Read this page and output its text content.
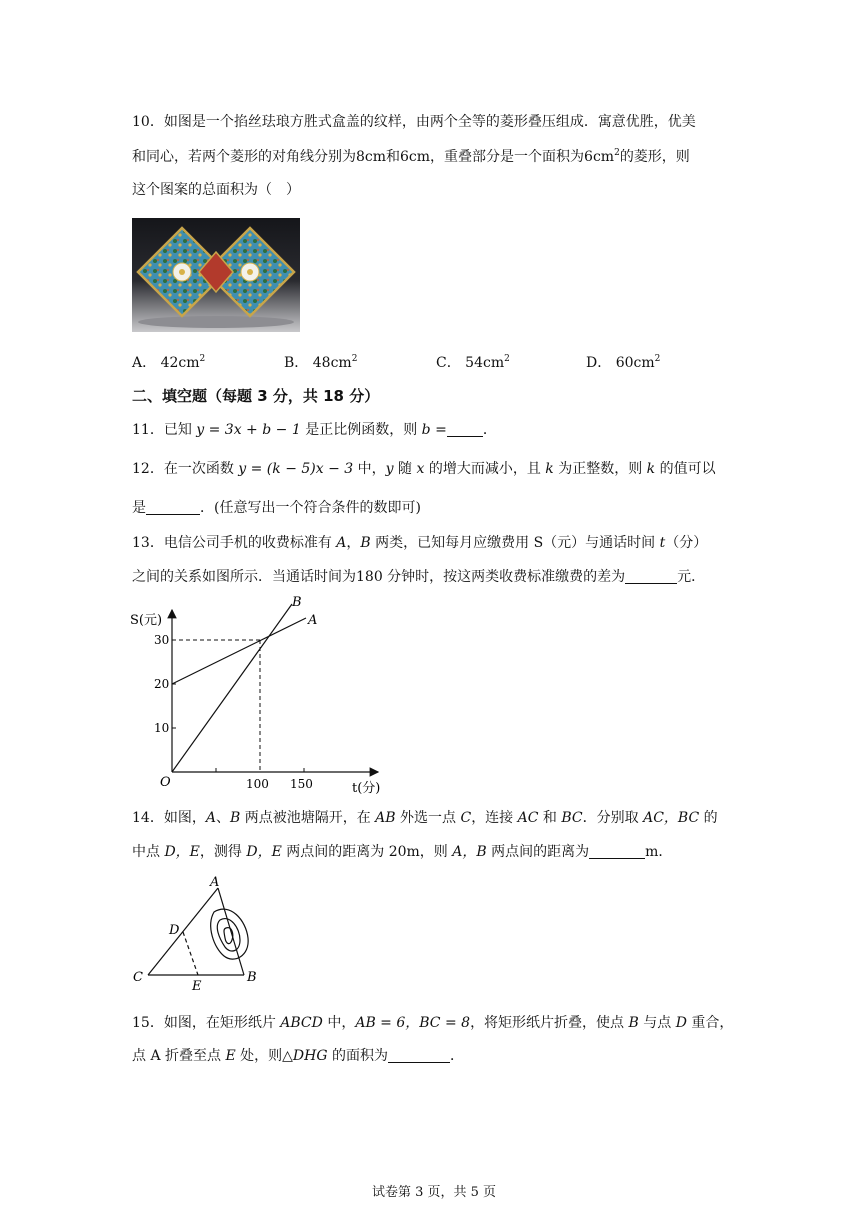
10．如图是一个掐丝珐琅方胜式盒盖的纹样，由两个全等的菱形叠压组成．寓意优胜，优美
和同心，若两个菱形的对角线分别为8cm和6cm，重叠部分是一个面积为$6cm^2$的菱形，则
这个图案的总面积为（　）
A． $42cm^2$	B． $48cm^2$	C． $54cm^2$	D． $60cm^2$
二、填空题（每题 3 分，共 18 分）
11．已知 y = 3x + b − 1 是正比例函数，则 b =	．
12．在一次函数 y = (k − 5)x − 3 中，y 随 x 的增大而减小，且 k 为正整数，则 k 的值可以
是	．(任意写出一个符合条件的数即可)
13．电信公司手机的收费标准有 A，B 两类，已知每月应缴费用 S（元）与通话时间 t（分）
之间的关系如图所示．当通话时间为180 分钟时，按这两类收费标准缴费的差为	元．
B
A
S(元)
t(分)
O
10
20
30
100 150
14．如图，A、B 两点被池塘隔开，在 AB 外选一点 C，连接 AC 和 BC．分别取 AC，BC 的
中点 D，E，测得 D，E 两点间的距离为 20m，则 A，B 两点间的距离为	m．
A
B
C
D
E
15．如图，在矩形纸片 ABCD 中，AB = 6，BC = 8，将矩形纸片折叠，使点 B 与点 D 重合，
点 A 折叠至点 E 处，则△DHG 的面积为	．
试卷第 3 页，共 5 页
